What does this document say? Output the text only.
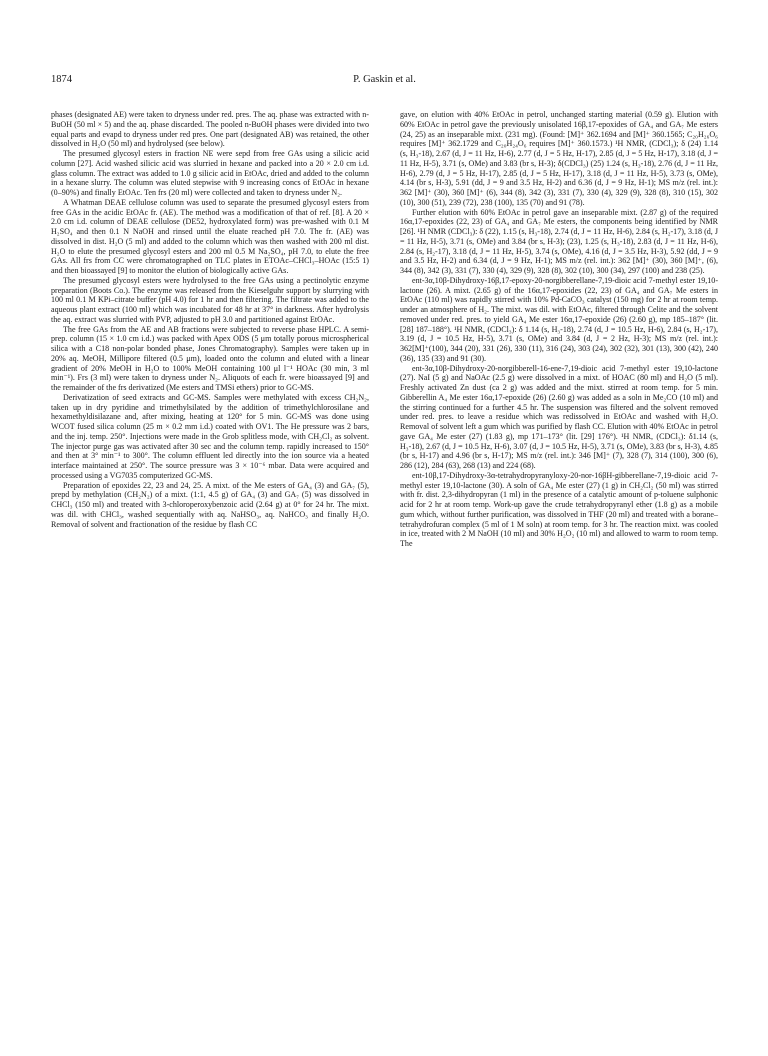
1874	P. Gaskin et al.

phases (designated AE) were taken to dryness under red. pres. The aq. phase was extracted with n-BuOH (50 ml × 5) and the aq. phase discarded. The pooled n-BuOH phases were divided into two equal parts and evapd to dryness under red pres. One part (designated AB) was retained, the other dissolved in H₂O (50 ml) and hydrolysed (see below).

The presumed glycosyl esters in fraction NE were sepd from free GAs using a silicic acid column [27]. Acid washed silicic acid was slurried in hexane and packed into a 20 × 2.0 cm i.d. glass column. The extract was added to 1.0 g silicic acid in EtOAc, dried and added to the column in a hexane slurry. The column was eluted stepwise with 9 increasing concs of EtOAc in hexane (0–90%) and finally EtOAc. Ten frs (20 ml) were collected and taken to dryness under N₂.

A Whatman DEAE cellulose column was used to separate the presumed glycosyl esters from free GAs in the acidic EtOAc fr. (AE). The method was a modification of that of ref. [8]. A 20 × 2.0 cm i.d. column of DEAE cellulose (DE52, hydroxylated form) was pre-washed with 0.1 M H₂SO₄ and then 0.1 N NaOH and rinsed until the eluate reached pH 7.0. The fr. (AE) was dissolved in dist. H₂O (5 ml) and added to the column which was then washed with 200 ml dist. H₂O to elute the presumed glycosyl esters and 200 ml 0.5 M Na₂SO₄, pH 7.0, to elute the free GAs. All frs from CC were chromatographed on TLC plates in ETOAc–CHCl₃–HOAc (15:5 1) and then bioassayed [9] to monitor the elution of biologically active GAs.

The presumed glycosyl esters were hydrolysed to the free GAs using a pectinolytic enzyme preparation (Boots Co.). The enzyme was released from the Kieselguhr support by slurrying with 100 ml 0.1 M KPi–citrate buffer (pH 4.0) for 1 hr and then filtering. The filtrate was added to the aqueous plant extract (100 ml) which was incubated for 48 hr at 37° in darkness. After hydrolysis the aq. extract was slurried with PVP, adjusted to pH 3.0 and partitioned against EtOAc.

The free GAs from the AE and AB fractions were subjected to reverse phase HPLC. A semi-prep. column (15 × 1.0 cm i.d.) was packed with Apex ODS (5 μm totally porous microspherical silica with a C18 non-polar bonded phase, Jones Chromatography). Samples were taken up in 20% aq. MeOH, Millipore filtered (0.5 μm), loaded onto the column and eluted with a linear gradient of 20% MeOH in H₂O to 100% MeOH containing 100 μl l⁻¹ HOAc (30 min, 3 ml min⁻¹). Frs (3 ml) were taken to dryness under N₂. Aliquots of each fr. were bioassayed [9] and the remainder of the frs derivatized (Me esters and TMSi ethers) prior to GC-MS.

Derivatization of seed extracts and GC-MS. Samples were methylated with excess CH₂N₂, taken up in dry pyridine and trimethylsilated by the addition of trimethylchlorosilane and hexamethyldisilazane and, after mixing, heating at 120° for 5 min. GC-MS was done using WCOT fused silica column (25 m × 0.2 mm i.d.) coated with OV1. The He pressure was 2 bars, and the inj. temp. 250°. Injections were made in the Grob splitless mode, with CH₂Cl₂ as solvent. The injector purge gas was activated after 30 sec and the column temp. rapidly increased to 150° and then at 3° min⁻¹ to 300°. The column effluent led directly into the ion source via a heated interface maintained at 250°. The source pressure was 3 × 10⁻⁶ mbar. Data were acquired and processed using a VG7035 computerized GC-MS.

Preparation of epoxides 22, 23 and 24, 25. A mixt. of the Me esters of GA₄ (3) and GA₇ (5), prepd by methylation (CH₂N₂) of a mixt. (1:1, 4.5 g) of GA₄ (3) and GA₇ (5) was dissolved in CHCl₃ (150 ml) and treated with 3-chloroperoxybenzoic acid (2.64 g) at 0° for 24 hr. The mixt. was dil. with CHCl₃, washed sequentially with aq. NaHSO₃, aq. NaHCO₃ and finally H₂O. Removal of solvent and fractionation of the residue by flash CC

gave, on elution with 40% EtOAc in petrol, unchanged starting material (0.59 g). Elution with 60% EtOAc in petrol gave the previously unisolated 16β,17-epoxides of GA₄ and GA₇ Me esters (24, 25) as an inseparable mixt. (231 mg). (Found: [M]⁺ 362.1694 and [M]⁺ 360.1565; C₂₀H₂₆O₆ requires [M]⁺ 362.1729 and C₂₀H₂₄O₆ requires [M]⁺ 360.1573.) ¹H NMR, (CDCl₃); δ (24) 1.14 (s, H₃-18), 2.67 (d, J = 11 Hz, H-6), 2.77 (d, J = 5 Hz, H-17), 2.85 (d, J = 5 Hz, H-17), 3.18 (d, J = 11 Hz, H-5), 3.71 (s, OMe) and 3.83 (br s, H-3); δ(CDCl₃) (25) 1.24 (s, H₃-18), 2.76 (d, J = 11 Hz, H-6), 2.79 (d, J = 5 Hz, H-17), 2.85 (d, J = 5 Hz, H-17), 3.18 (d, J = 11 Hz, H-5), 3.73 (s, OMe), 4.14 (br s, H-3), 5.91 (dd, J = 9 and 3.5 Hz, H-2) and 6.36 (d, J = 9 Hz, H-1); MS m/z (rel. int.): 362 [M]⁺ (30), 360 [M]⁺ (6), 344 (8), 342 (3), 331 (7), 330 (4), 329 (9), 328 (8), 310 (15), 302 (10), 300 (51), 239 (72), 238 (100), 135 (70) and 91 (78).

Further elution with 60% EtOAc in petrol gave an inseparable mixt. (2.87 g) of the required 16α,17-epoxides (22, 23) of GA₄ and GA₇ Me esters, the components being identified by NMR [26]. ¹H NMR (CDCl₃): δ (22), 1.15 (s, H₃-18), 2.74 (d, J = 11 Hz, H-6), 2.84 (s, H₂-17), 3.18 (d, J = 11 Hz, H-5), 3.71 (s, OMe) and 3.84 (br s, H-3); (23), 1.25 (s, H₃-18), 2.83 (d, J = 11 Hz, H-6), 2.84 (s, H₂-17), 3.18 (d, J = 11 Hz, H-5), 3.74 (s, OMe), 4.16 (d, J = 3.5 Hz, H-3), 5.92 (dd, J = 9 and 3.5 Hz, H-2) and 6.34 (d, J = 9 Hz, H-1); MS m/z (rel. int.): 362 [M]⁺ (30), 360 [M]⁺, (6), 344 (8), 342 (3), 331 (7), 330 (4), 329 (9), 328 (8), 302 (10), 300 (34), 297 (100) and 238 (25).

ent-3α,10β-Dihydroxy-16β,17-epoxy-20-norgibberellane-7,19-dioic acid 7-methyl ester 19,10-lactone (26). A mixt. (2.65 g) of the 16α,17-epoxides (22, 23) of GA₄ and GA₇ Me esters in EtOAc (110 ml) was rapidly stirred with 10% Pd-CaCO₃ catalyst (150 mg) for 2 hr at room temp. under an atmosphere of H₂. The mixt. was dil. with EtOAc, filtered through Celite and the solvent removed under red. pres. to yield GA₄ Me ester 16α,17-epoxide (26) (2.60 g), mp 185–187° (lit. [28] 187–188°). ¹H NMR, (CDCl₃): δ 1.14 (s, H₃-18), 2.74 (d, J = 10.5 Hz, H-6), 2.84 (s, H₂-17), 3.19 (d, J = 10.5 Hz, H-5), 3.71 (s, OMe) and 3.84 (d, J = 2 Hz, H-3); MS m/z (rel. int.): 362[M]⁺(100), 344 (20), 331 (26), 330 (11), 316 (24), 303 (24), 302 (32), 301 (13), 300 (42), 240 (36), 135 (33) and 91 (30).

ent-3α,10β-Dihydroxy-20-norgibberell-16-ene-7,19-dioic acid 7-methyl ester 19,10-lactone (27). NaI (5 g) and NaOAc (2.5 g) were dissolved in a mixt. of HOAC (80 ml) and H₂O (5 ml). Freshly activated Zn dust (ca 2 g) was added and the mixt. stirred at room temp. for 5 min. Gibberellin A₄ Me ester 16α,17-epoxide (26) (2.60 g) was added as a soln in Me₂CO (10 ml) and the stirring continued for a further 4.5 hr. The suspension was filtered and the solvent removed under red. pres. to leave a residue which was redissolved in EtOAc and washed with H₂O. Removal of solvent left a gum which was purified by flash CC. Elution with 40% EtOAc in petrol gave GA₄ Me ester (27) (1.83 g), mp 171–173° (lit. [29] 176°). ¹H NMR, (CDCl₃): δ1.14 (s, H₃-18), 2.67 (d, J = 10.5 Hz, H-6), 3.07 (d, J = 10.5 Hz, H-5), 3.71 (s, OMe), 3.83 (br s, H-3), 4.85 (br s, H-17) and 4.96 (br s, H-17); MS m/z (rel. int.): 346 [M]⁺ (7), 328 (7), 314 (100), 300 (6), 286 (12), 284 (63), 268 (13) and 224 (68).

ent-10β,17-Dihydroxy-3α-tetrahydropyranyloxy-20-nor-16βH-gibberellane-7,19-dioic acid 7-methyl ester 19,10-lactone (30). A soln of GA₄ Me ester (27) (1 g) in CH₂Cl₂ (50 ml) was stirred with fr. dist. 2,3-dihydropyran (1 ml) in the presence of a catalytic amount of p-toluene sulphonic acid for 2 hr at room temp. Work-up gave the crude tetrahydropyranyl ether (1.8 g) as a mobile gum which, without further purification, was dissolved in THF (20 ml) and treated with a borane–tetrahydrofuran complex (5 ml of 1 M soln) at room temp. for 3 hr. The reaction mixt. was cooled in ice, treated with 2 M NaOH (10 ml) and 30% H₂O₂ (10 ml) and allowed to warm to room temp. The
